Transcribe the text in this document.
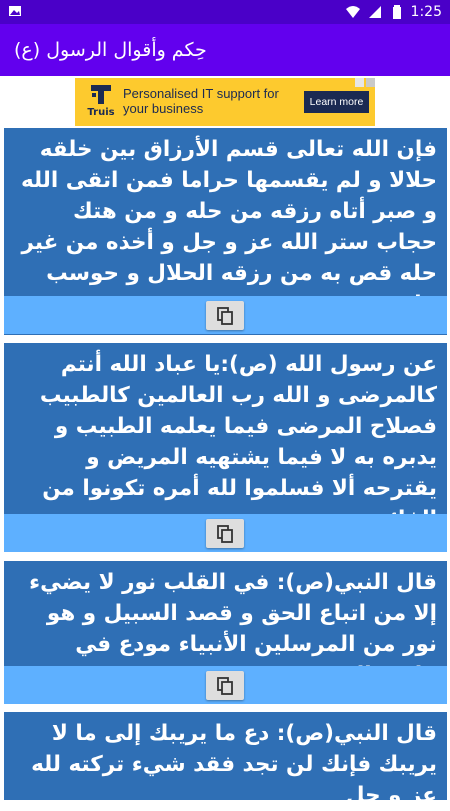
1:25
حِكم وأقوال الرسول (ع)
Truis
Personalised IT support for your business	Learn more
فإن الله تعالى قسم الأرزاق بين خلقه حلالا و لم يقسمها حراما فمن اتقى الله و صبر أتاه رزقه من حله و من هتك حجاب ستر الله عز و جل و أخذه من غير حله قص به من رزقه الحلال و حوسب
عن رسول الله (ص):يا عباد الله أنتم كالمرضى و الله رب العالمين كالطبيب فصلاح المرضى فيما يعلمه الطبيب و يدبره به لا فيما يشتهيه المريض و يقترحه ألا فسلموا لله أمره تكونوا من
قال النبي(ص): في القلب نور لا يضيء إلا من اتباع الحق و قصد السبيل و هو نور من المرسلين الأنبياء مودع في
قال النبي(ص): دع ما يريبك إلى ما لا يريبك فإنك لن تجد فقد شيء تركته لله عز و جل
